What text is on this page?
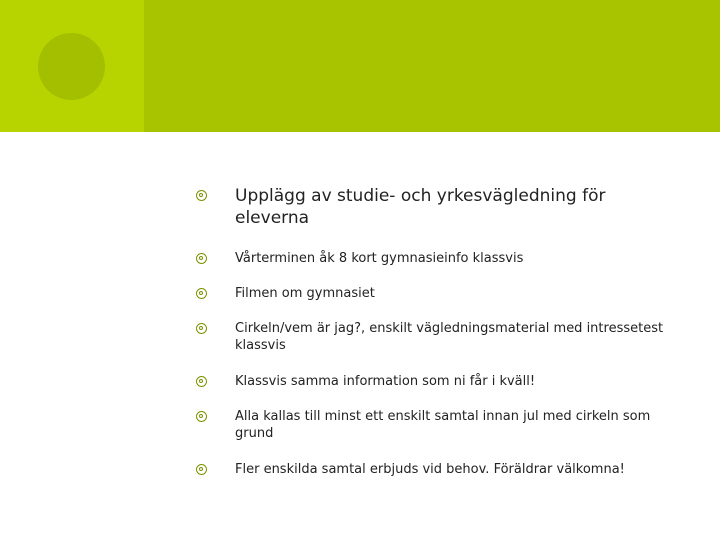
Upplägg av studie- och yrkesvägledning för eleverna
Vårterminen åk 8 kort gymnasieinfo klassvis
Filmen om gymnasiet
Cirkeln/vem är jag?, enskilt vägledningsmaterial med intressetest klassvis
Klassvis samma information som ni får i kväll!
Alla kallas till minst ett enskilt samtal innan jul med cirkeln som grund
Fler enskilda samtal erbjuds vid behov. Föräldrar välkomna!
